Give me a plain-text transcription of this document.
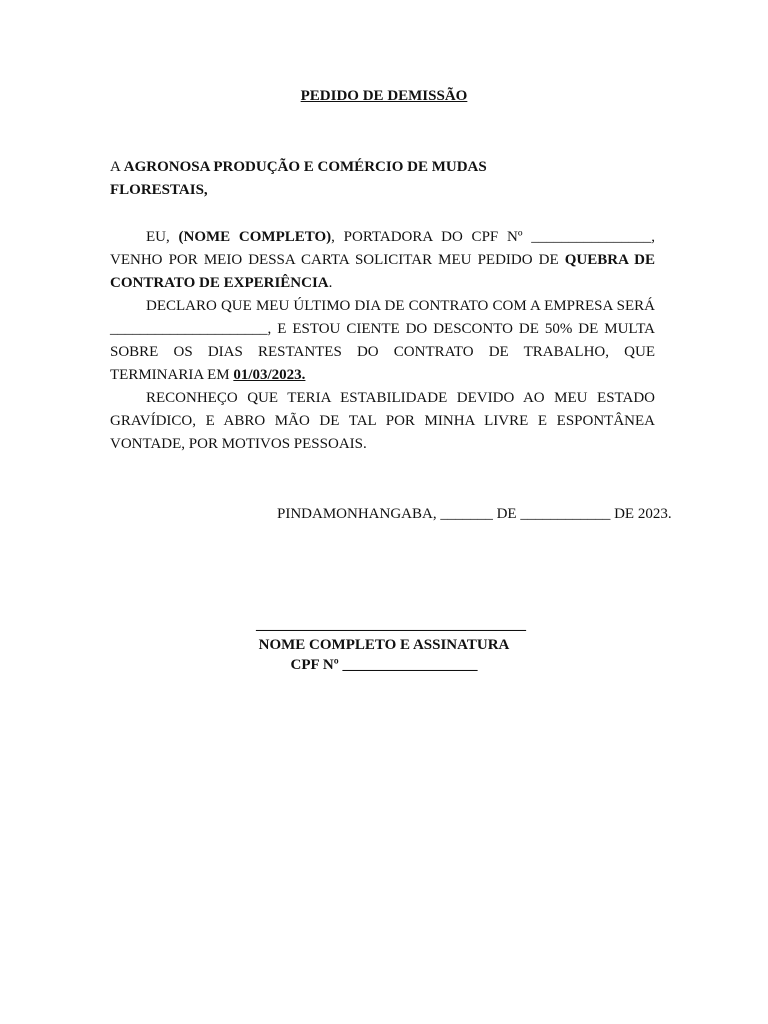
PEDIDO DE DEMISSÃO
A AGRONOSA PRODUÇÃO E COMÉRCIO DE MUDAS
FLORESTAIS,

EU, (NOME COMPLETO), PORTADORA DO CPF Nº ________________, VENHO POR MEIO DESSA CARTA SOLICITAR MEU PEDIDO DE QUEBRA DE CONTRATO DE EXPERIÊNCIA.

DECLARO QUE MEU ÚLTIMO DIA DE CONTRATO COM A EMPRESA SERÁ _____________________, E ESTOU CIENTE DO DESCONTO DE 50% DE MULTA SOBRE OS DIAS RESTANTES DO CONTRATO DE TRABALHO, QUE TERMINARIA EM 01/03/2023.

RECONHEÇO QUE TERIA ESTABILIDADE DEVIDO AO MEU ESTADO GRAVÍDICO, E ABRO MÃO DE TAL POR MINHA LIVRE E ESPONTÂNEA VONTADE, POR MOTIVOS PESSOAIS.

PINDAMONHANGABA, _______ DE ____________ DE 2023.
____________________________________
NOME COMPLETO E ASSINATURA
CPF Nº __________________
